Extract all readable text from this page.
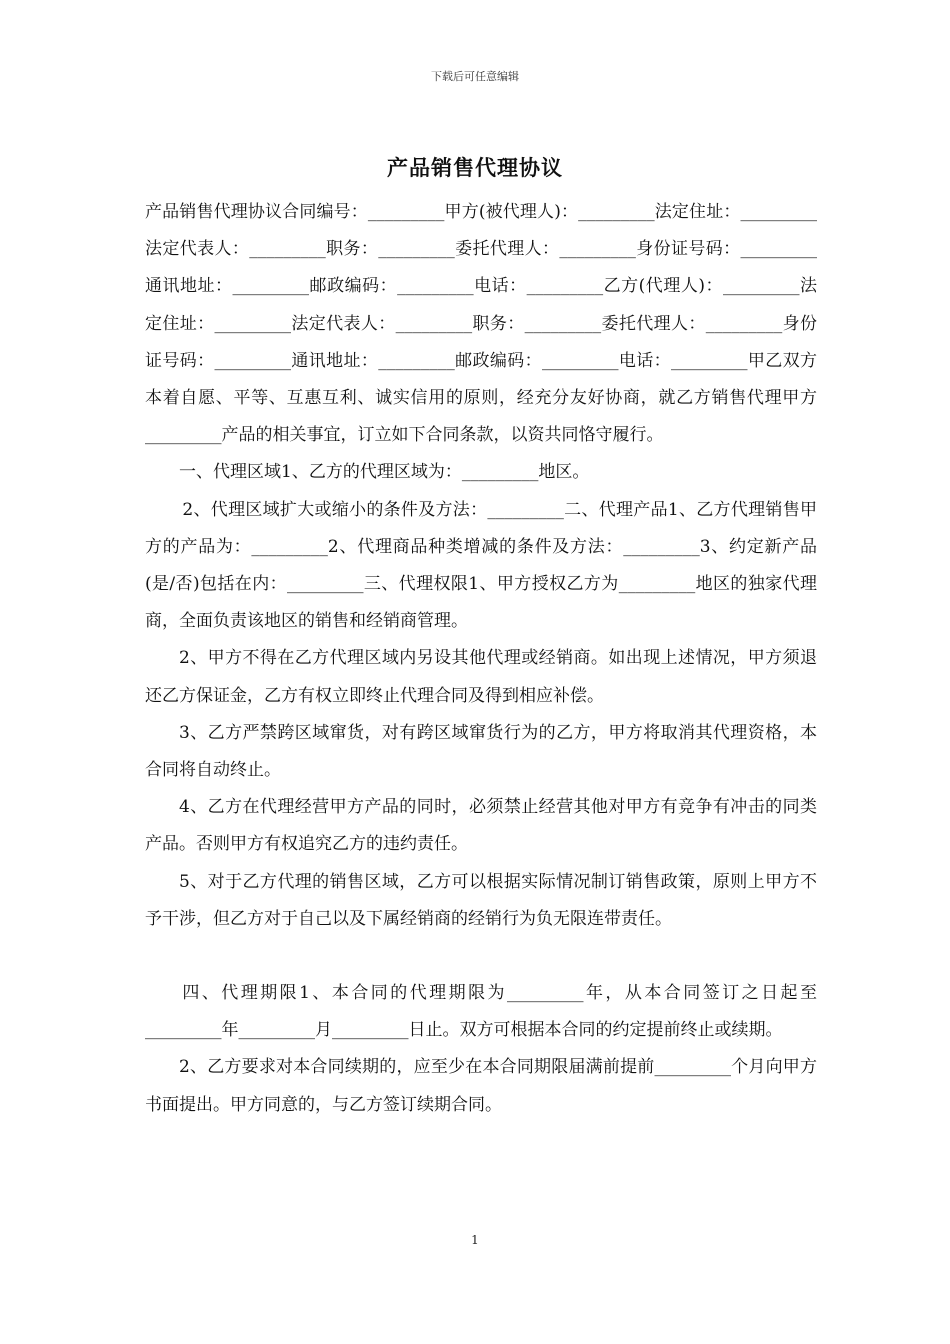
下载后可任意编辑
产品销售代理协议

产品销售代理协议合同编号：_________甲方(被代理人)：_________法定住址：_________法定代表人：_________职务：_________委托代理人：_________身份证号码：_________通讯地址：_________邮政编码：_________电话：_________乙方(代理人)：_________法定住址：_________法定代表人：_________职务：_________委托代理人：_________身份证号码：_________通讯地址：_________邮政编码：_________电话：_________甲乙双方本着自愿、平等、互惠互利、诚实信用的原则，经充分友好协商，就乙方销售代理甲方_________产品的相关事宜，订立如下合同条款，以资共同恪守履行。

一、代理区域1、乙方的代理区域为：_________地区。

2、代理区域扩大或缩小的条件及方法：_________二、代理产品1、乙方代理销售甲方的产品为：_________2、代理商品种类增减的条件及方法：_________3、约定新产品(是/否)包括在内：_________三、代理权限1、甲方授权乙方为_________地区的独家代理商，全面负责该地区的销售和经销商管理。

2、甲方不得在乙方代理区域内另设其他代理或经销商。如出现上述情况，甲方须退还乙方保证金，乙方有权立即终止代理合同及得到相应补偿。

3、乙方严禁跨区域窜货，对有跨区域窜货行为的乙方，甲方将取消其代理资格，本合同将自动终止。

4、乙方在代理经营甲方产品的同时，必须禁止经营其他对甲方有竞争有冲击的同类产品。否则甲方有权追究乙方的违约责任。

5、对于乙方代理的销售区域，乙方可以根据实际情况制订销售政策，原则上甲方不予干涉，但乙方对于自己以及下属经销商的经销行为负无限连带责任。

四、代理期限1、本合同的代理期限为_________年，从本合同签订之日起至_________年_________月_________日止。双方可根据本合同的约定提前终止或续期。

2、乙方要求对本合同续期的，应至少在本合同期限届满前提前_________个月向甲方书面提出。甲方同意的，与乙方签订续期合同。

1
